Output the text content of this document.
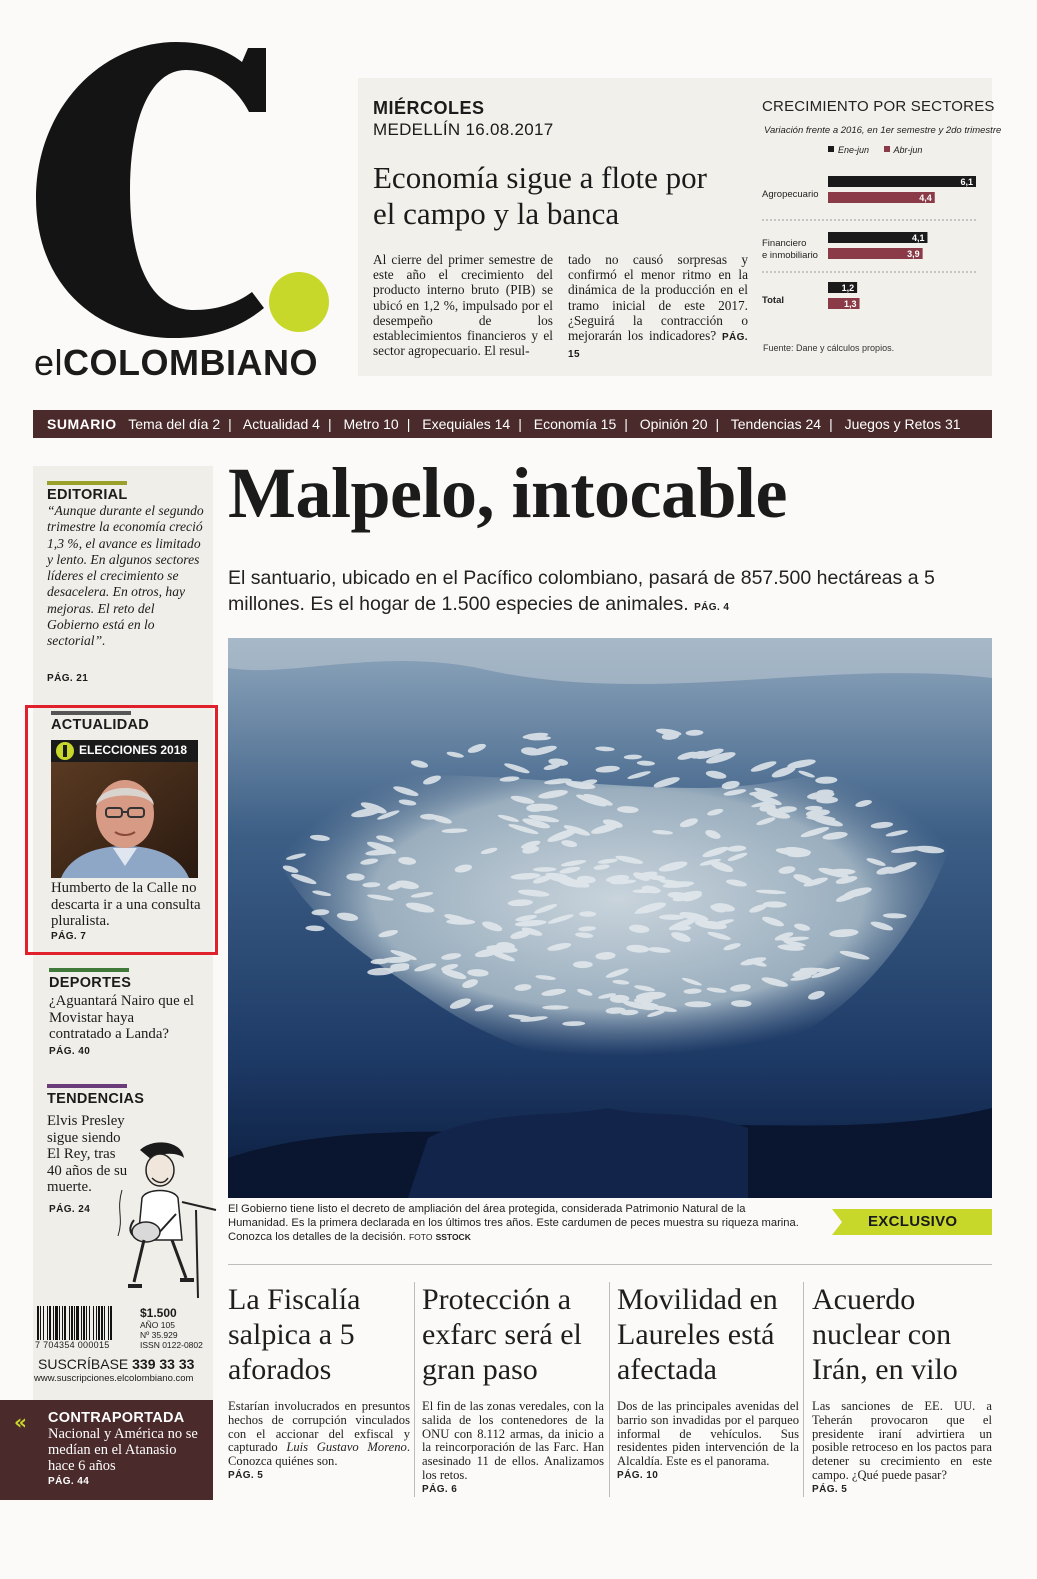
elCOLOMBIANO
MIÉRCOLES
MEDELLÍN 16.08.2017
Economía sigue a flote por el campo y la banca
Al cierre del primer semestre de este año el crecimiento del producto interno bruto (PIB) se ubicó en 1,2 %, impulsado por el desempeño de los establecimientos financieros y el sector agropecuario. El resul-
tado no causó sorpresas y confirmó el menor ritmo en la dinámica de la producción en el tramo inicial de este 2017. ¿Seguirá la contracción o mejorarán los indicadores? PÁG. 15
CRECIMIENTO POR SECTORES
Variación frente a 2016, en 1er semestre y 2do trimestre
Ene-jun	Abr-jun
Agropecuario
6,1
4,4
Financiero e inmobiliario
4,1
3,9
Total
1,2
1,3
Fuente: Dane y cálculos propios.
SUMARIO Tema del día 2 | Actualidad 4 | Metro 10 | Exequiales 14 | Economía 15 | Opinión 20 | Tendencias 24 | Juegos y Retos 31
EDITORIAL
“Aunque durante el segundo trimestre la economía creció 1,3 %, el avance es limitado y lento. En algunos sectores líderes el crecimiento se desacelera. En otros, hay mejoras. El reto del Gobierno está en lo sectorial”.
PÁG. 21
ACTUALIDAD
ELECCIONES 2018
Humberto de la Calle no descarta ir a una consulta pluralista.
PÁG. 7
DEPORTES
¿Aguantará Nairo que el Movistar haya contratado a Landa?
PÁG. 40
TENDENCIAS
Elvis Presley sigue siendo El Rey, tras 40 años de su muerte.
PÁG. 24
7 704354 000015
$1.500
AÑO 105
Nº 35.929
ISSN 0122-0802
SUSCRÍBASE 339 33 33
www.suscripciones.elcolombiano.com
« CONTRAPORTADA
Nacional y América no se medían en el Atanasio hace 6 años
PÁG. 44
Malpelo, intocable
El santuario, ubicado en el Pacífico colombiano, pasará de 857.500 hectáreas a 5 millones. Es el hogar de 1.500 especies de animales. PÁG. 4
El Gobierno tiene listo el decreto de ampliación del área protegida, considerada Patrimonio Natural de la Humanidad. Es la primera declarada en los últimos tres años. Este cardumen de peces muestra su riqueza marina. Conozca los detalles de la decisión. FOTO SSTOCK
EXCLUSIVO
La Fiscalía salpica a 5 aforados
Estarían involucrados en presuntos hechos de corrupción vinculados con el accionar del exfiscal y capturado Luis Gustavo Moreno. Conozca quiénes son.
PÁG. 5
Protección a exfarc será el gran paso
El fin de las zonas veredales, con la salida de los contenedores de la ONU con 8.112 armas, da inicio a la reincorporación de las Farc. Han asesinado 11 de ellos. Analizamos los retos.
PÁG. 6
Movilidad en Laureles está afectada
Dos de las principales avenidas del barrio son invadidas por el parqueo informal de vehículos. Sus residentes piden intervención de la Alcaldía. Este es el panorama.
PÁG. 10
Acuerdo nuclear con Irán, en vilo
Las sanciones de EE. UU. a Teherán provocaron que el presidente iraní advirtiera un posible retroceso en los pactos para detener su crecimiento en este campo. ¿Qué puede pasar?
PÁG. 5
